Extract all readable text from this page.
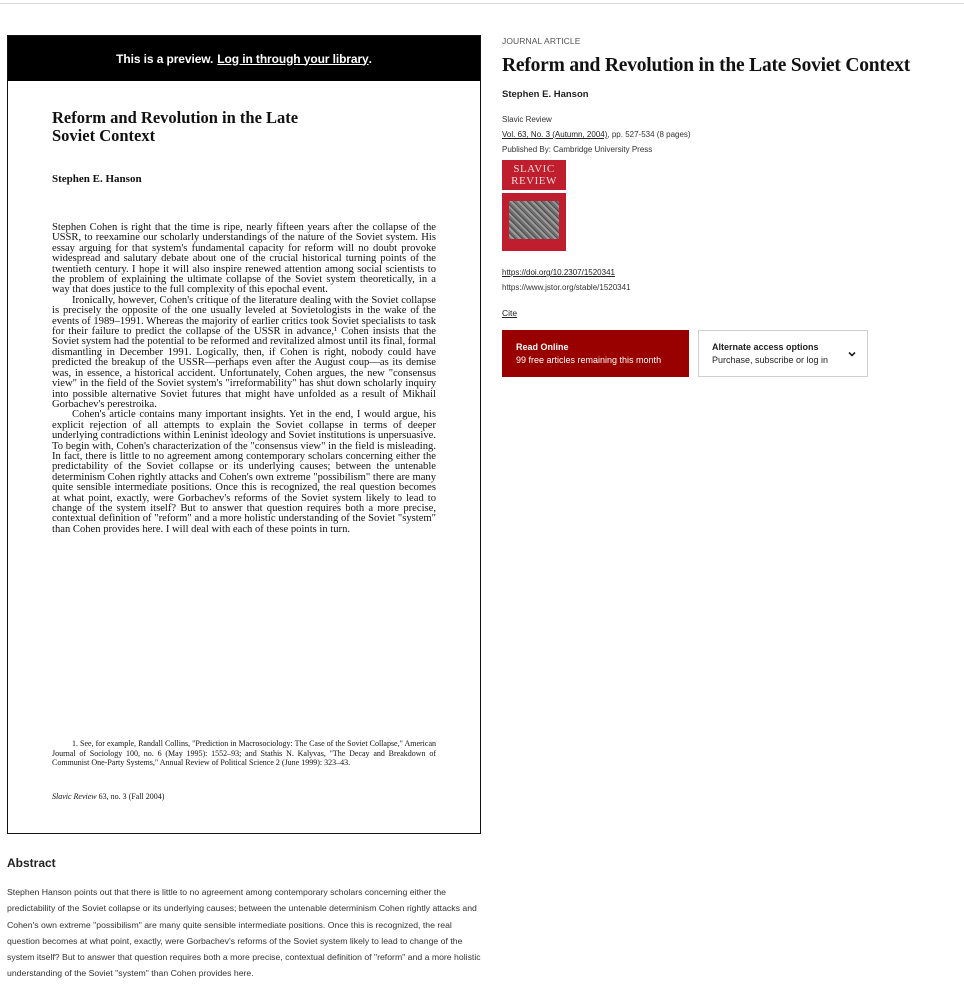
This is a preview. Log in through your library .
Reform and Revolution in the Late Soviet Context

Stephen E. Hanson

Stephen Cohen is right that the time is ripe, nearly fifteen years after the collapse of the USSR, to reexamine our scholarly understandings of the nature of the Soviet system. His essay arguing for that system's fundamental capacity for reform will no doubt provoke widespread and salutary debate about one of the crucial historical turning points of the twentieth century. I hope it will also inspire renewed attention among social scientists to the problem of explaining the ultimate collapse of the Soviet system theoretically, in a way that does justice to the full complexity of this epochal event.

Ironically, however, Cohen's critique of the literature dealing with the Soviet collapse is precisely the opposite of the one usually leveled at Sovietologists in the wake of the events of 1989–1991. Whereas the majority of earlier critics took Soviet specialists to task for their failure to predict the collapse of the USSR in advance,¹ Cohen insists that the Soviet system had the potential to be reformed and revitalized almost until its final, formal dismantling in December 1991. Logically, then, if Cohen is right, nobody could have predicted the breakup of the USSR—perhaps even after the August coup—as its demise was, in essence, a historical accident. Unfortunately, Cohen argues, the new "consensus view" in the field of the Soviet system's "irreformability" has shut down scholarly inquiry into possible alternative Soviet futures that might have unfolded as a result of Mikhail Gorbachev's perestroika.

Cohen's article contains many important insights. Yet in the end, I would argue, his explicit rejection of all attempts to explain the Soviet collapse in terms of deeper underlying contradictions within Leninist ideology and Soviet institutions is unpersuasive. To begin with, Cohen's characterization of the "consensus view" in the field is misleading. In fact, there is little to no agreement among contemporary scholars concerning either the predictability of the Soviet collapse or its underlying causes; between the untenable determinism Cohen rightly attacks and Cohen's own extreme "possibilism" there are many quite sensible intermediate positions. Once this is recognized, the real question becomes at what point, exactly, were Gorbachev's reforms of the Soviet system likely to lead to change of the system itself? But to answer that question requires both a more precise, contextual definition of "reform" and a more holistic understanding of the Soviet "system" than Cohen provides here. I will deal with each of these points in turn.

1. See, for example, Randall Collins, "Prediction in Macrosociology: The Case of the Soviet Collapse," American Journal of Sociology 100, no. 6 (May 1995): 1552–93; and Stathis N. Kalyvas, "The Decay and Breakdown of Communist One-Party Systems," Annual Review of Political Science 2 (June 1999): 323–43.

Slavic Review 63, no. 3 (Fall 2004)

Abstract

Stephen Hanson points out that there is little to no agreement among contemporary scholars concerning either the predictability of the Soviet collapse or its underlying causes; between the untenable determinism Cohen rightly attacks and Cohen's own extreme "possibilism" are many quite sensible intermediate positions. Once this is recognized, the real question becomes at what point, exactly, were Gorbachev's reforms of the Soviet system likely to lead to change of the system itself? But to answer that question requires both a more precise, contextual definition of "reform" and a more holistic understanding of the Soviet "system" than Cohen provides here.

JOURNAL ARTICLE

Reform and Revolution in the Late Soviet Context

Stephen E. Hanson

Slavic Review

Vol. 63, No. 3 (Autumn, 2004), pp. 527-534 (8 pages)

Published By: Cambridge University Press

SLAVIC
REVIEW

https://doi.org/10.2307/1520341

https://www.jstor.org/stable/1520341

Cite

Read Online
99 free articles remaining this month
Alternate access options
Purchase, subscribe or log in
